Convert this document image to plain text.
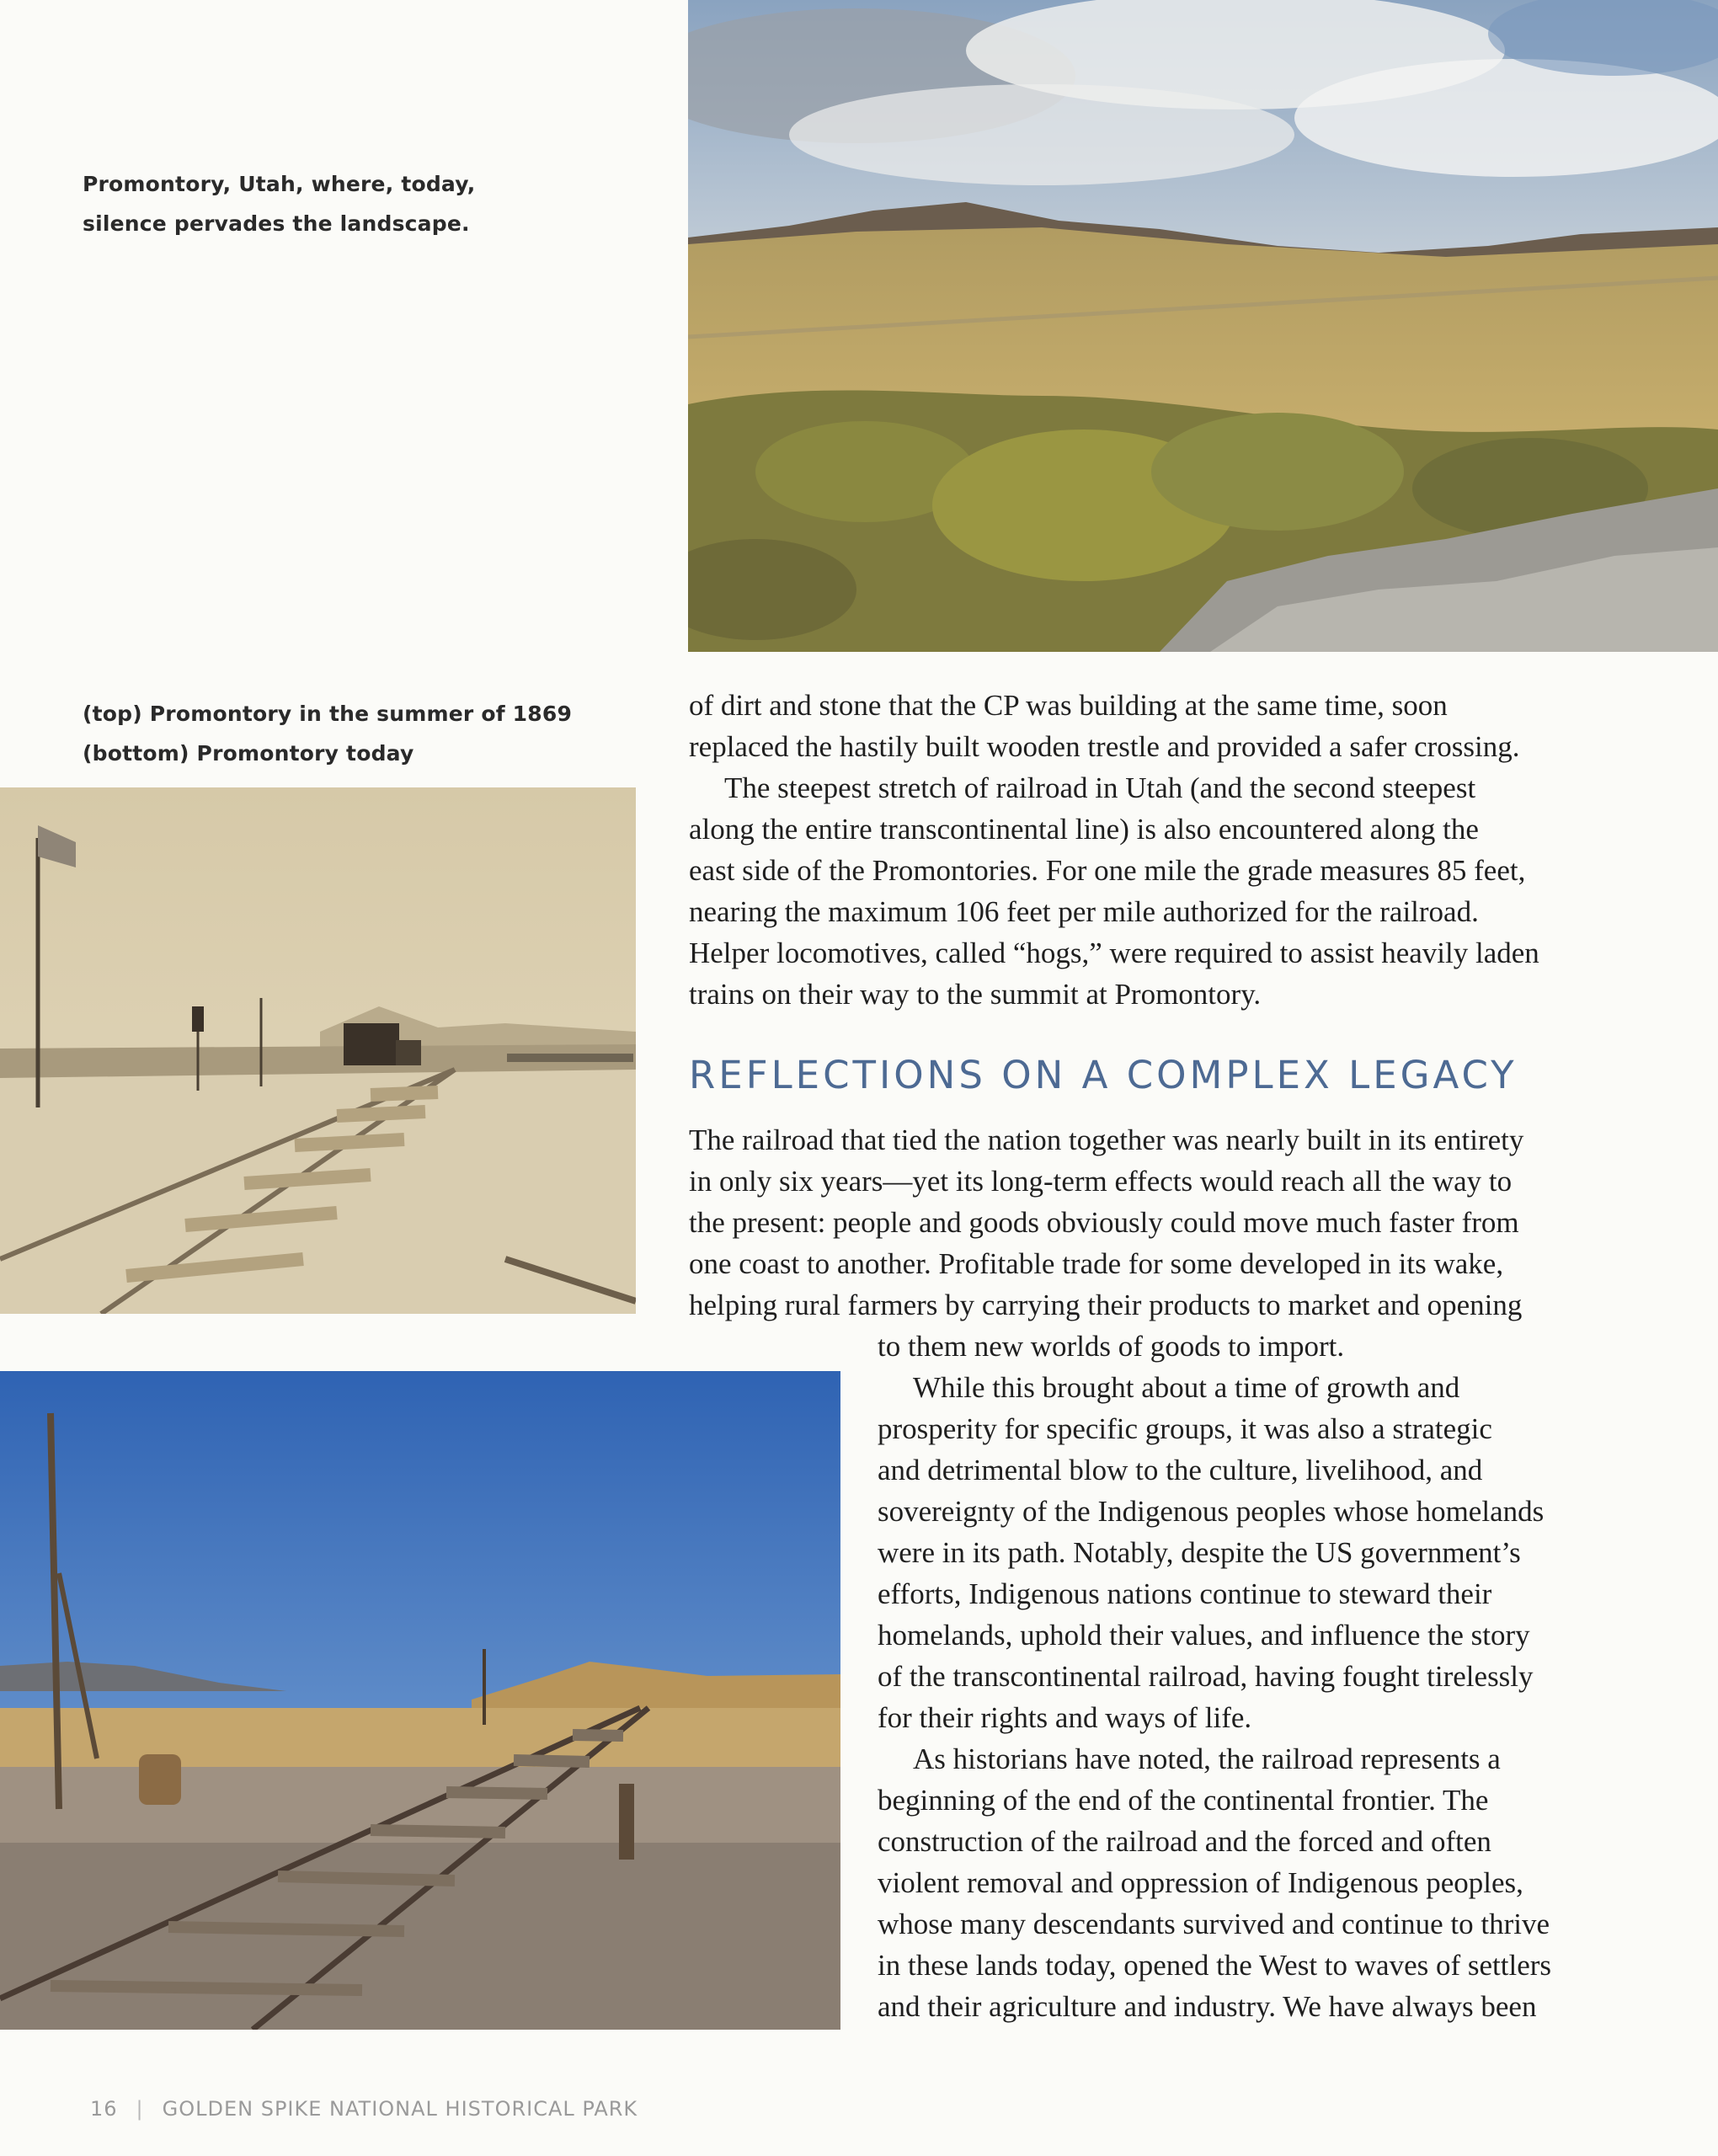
Promontory, Utah, where, today,
silence pervades the landscape.
(top) Promontory in the summer of 1869
(bottom) Promontory today

of dirt and stone that the CP was building at the same time, soon
replaced the hastily built wooden trestle and provided a safer crossing.

The steepest stretch of railroad in Utah (and the second steepest
along the entire transcontinental line) is also encountered along the
east side of the Promontories. For one mile the grade measures 85 feet,
nearing the maximum 106 feet per mile authorized for the railroad.
Helper locomotives, called “hogs,” were required to assist heavily laden
trains on their way to the summit at Promontory.

REFLECTIONS ON A COMPLEX LEGACY

The railroad that tied the nation together was nearly built in its entirety
in only six years—yet its long-term effects would reach all the way to
the present: people and goods obviously could move much faster from
one coast to another. Profitable trade for some developed in its wake,
helping rural farmers by carrying their products to market and opening

to them new worlds of goods to import.

While this brought about a time of growth and
prosperity for specific groups, it was also a strategic
and detrimental blow to the culture, livelihood, and
sovereignty of the Indigenous peoples whose homelands
were in its path. Notably, despite the US government’s
efforts, Indigenous nations continue to steward their
homelands, uphold their values, and influence the story
of the transcontinental railroad, having fought tirelessly
for their rights and ways of life.

As historians have noted, the railroad represents a
beginning of the end of the continental frontier. The
construction of the railroad and the forced and often
violent removal and oppression of Indigenous peoples,
whose many descendants survived and continue to thrive
in these lands today, opened the West to waves of settlers
and their agriculture and industry. We have always been

16 | GOLDEN SPIKE NATIONAL HISTORICAL PARK
